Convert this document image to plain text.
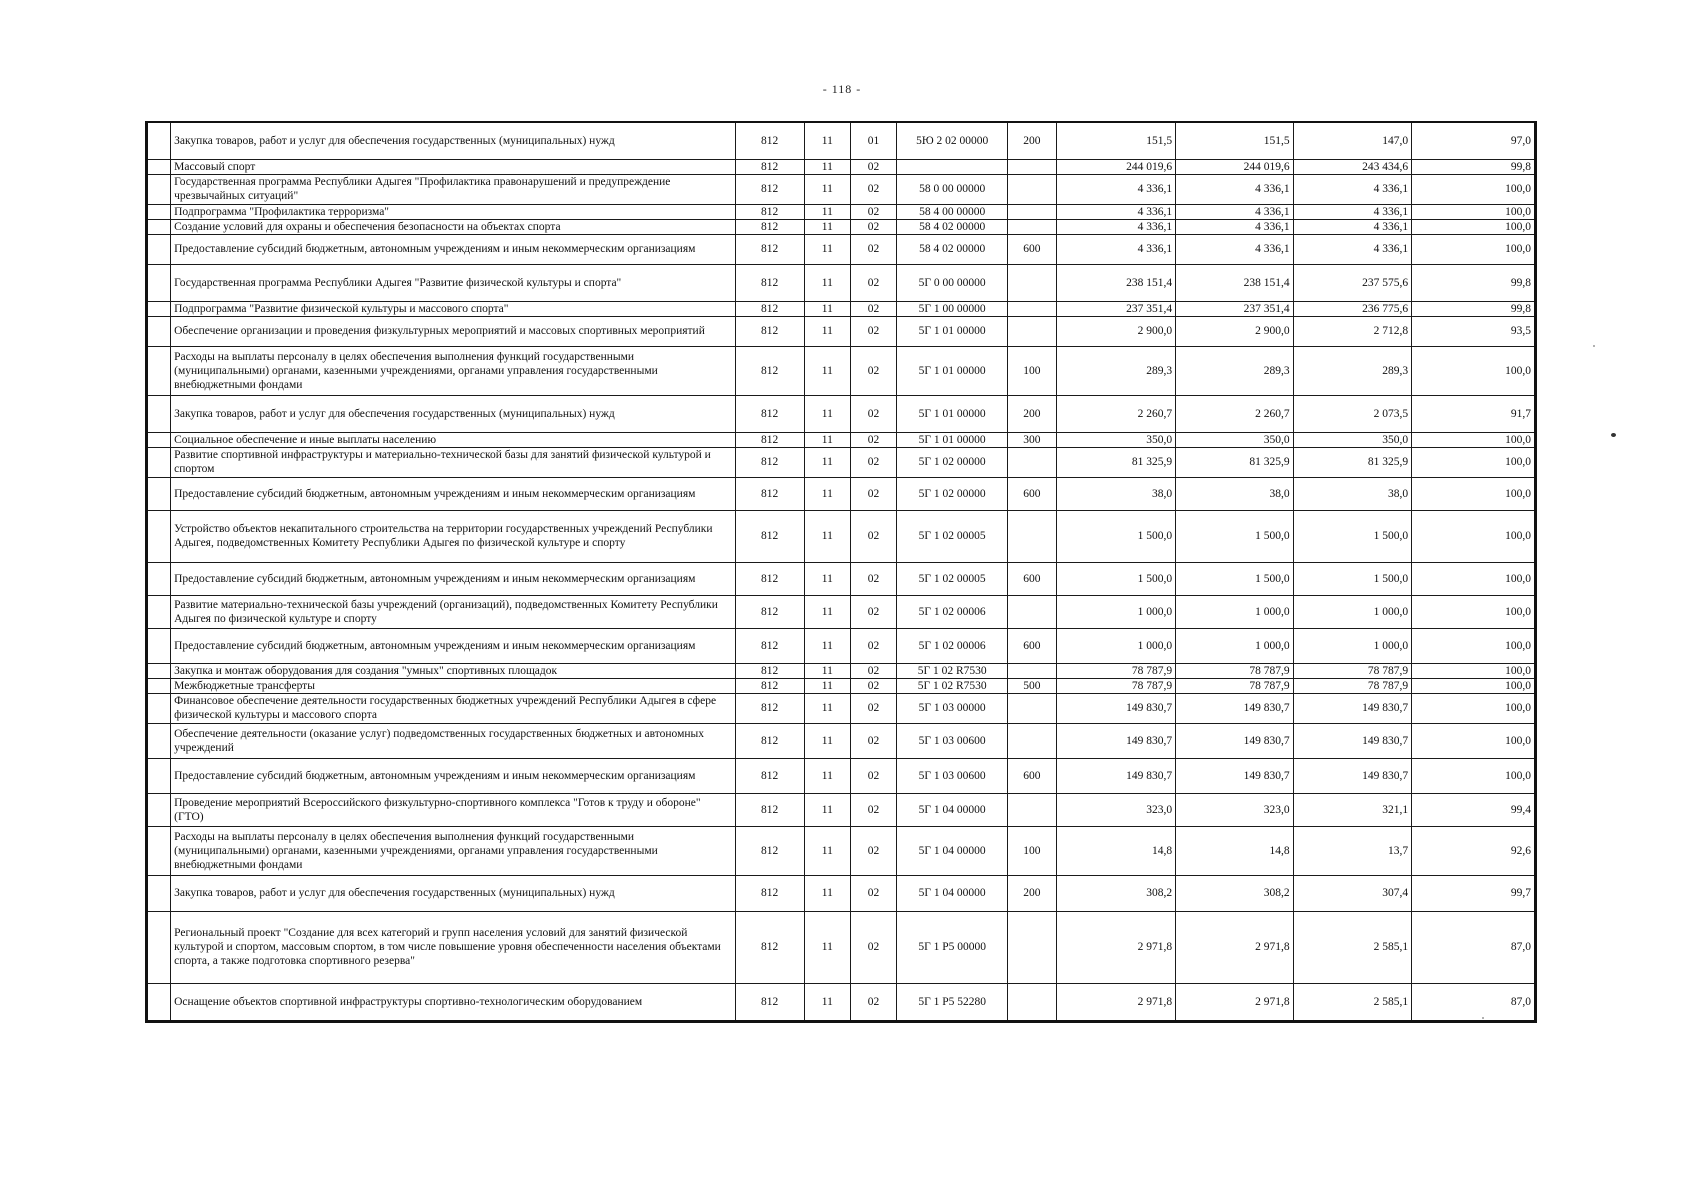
- 118 -
	Закупка товаров, работ и услуг для обеспечения государственных (муниципальных) нужд	812	11	01	5Ю 2 02 00000	200	151,5	151,5	147,0	97,0
	Массовый спорт	812	11	02			244 019,6	244 019,6	243 434,6	99,8
	Государственная программа Республики Адыгея "Профилактика правонарушений и предупреждение чрезвычайных ситуаций"	812	11	02	58 0 00 00000		4 336,1	4 336,1	4 336,1	100,0
	Подпрограмма "Профилактика терроризма"	812	11	02	58 4 00 00000		4 336,1	4 336,1	4 336,1	100,0
	Создание условий для охраны и обеспечения безопасности на объектах спорта	812	11	02	58 4 02 00000		4 336,1	4 336,1	4 336,1	100,0
	Предоставление субсидий бюджетным, автономным учреждениям и иным некоммерческим организациям	812	11	02	58 4 02 00000	600	4 336,1	4 336,1	4 336,1	100,0
	Государственная программа Республики Адыгея "Развитие физической культуры и спорта"	812	11	02	5Г 0 00 00000		238 151,4	238 151,4	237 575,6	99,8
	Подпрограмма "Развитие физической культуры и массового спорта"	812	11	02	5Г 1 00 00000		237 351,4	237 351,4	236 775,6	99,8
	Обеспечение организации и проведения физкультурных мероприятий и массовых спортивных мероприятий	812	11	02	5Г 1 01 00000		2 900,0	2 900,0	2 712,8	93,5
	Расходы на выплаты персоналу в целях обеспечения выполнения функций государственными (муниципальными) органами, казенными учреждениями, органами управления государственными внебюджетными фондами	812	11	02	5Г 1 01 00000	100	289,3	289,3	289,3	100,0
	Закупка товаров, работ и услуг для обеспечения государственных (муниципальных) нужд	812	11	02	5Г 1 01 00000	200	2 260,7	2 260,7	2 073,5	91,7
	Социальное обеспечение и иные выплаты населению	812	11	02	5Г 1 01 00000	300	350,0	350,0	350,0	100,0
	Развитие спортивной инфраструктуры и материально-технической базы для занятий физической культурой и спортом	812	11	02	5Г 1 02 00000		81 325,9	81 325,9	81 325,9	100,0
	Предоставление субсидий бюджетным, автономным учреждениям и иным некоммерческим организациям	812	11	02	5Г 1 02 00000	600	38,0	38,0	38,0	100,0
	Устройство объектов некапитального строительства на территории государственных учреждений Республики Адыгея, подведомственных Комитету Республики Адыгея по физической культуре и спорту	812	11	02	5Г 1 02 00005		1 500,0	1 500,0	1 500,0	100,0
	Предоставление субсидий бюджетным, автономным учреждениям и иным некоммерческим организациям	812	11	02	5Г 1 02 00005	600	1 500,0	1 500,0	1 500,0	100,0
	Развитие материально-технической базы учреждений (организаций), подведомственных Комитету Республики Адыгея по физической культуре и спорту	812	11	02	5Г 1 02 00006		1 000,0	1 000,0	1 000,0	100,0
	Предоставление субсидий бюджетным, автономным учреждениям и иным некоммерческим организациям	812	11	02	5Г 1 02 00006	600	1 000,0	1 000,0	1 000,0	100,0
	Закупка и монтаж оборудования для создания "умных" спортивных площадок	812	11	02	5Г 1 02 R7530		78 787,9	78 787,9	78 787,9	100,0
	Межбюджетные трансферты	812	11	02	5Г 1 02 R7530	500	78 787,9	78 787,9	78 787,9	100,0
	Финансовое обеспечение деятельности государственных бюджетных учреждений Республики Адыгея в сфере физической культуры и массового спорта	812	11	02	5Г 1 03 00000		149 830,7	149 830,7	149 830,7	100,0
	Обеспечение деятельности (оказание услуг) подведомственных государственных бюджетных и автономных учреждений	812	11	02	5Г 1 03 00600		149 830,7	149 830,7	149 830,7	100,0
	Предоставление субсидий бюджетным, автономным учреждениям и иным некоммерческим организациям	812	11	02	5Г 1 03 00600	600	149 830,7	149 830,7	149 830,7	100,0
	Проведение мероприятий Всероссийского физкультурно-спортивного комплекса "Готов к труду и обороне" (ГТО)	812	11	02	5Г 1 04 00000		323,0	323,0	321,1	99,4
	Расходы на выплаты персоналу в целях обеспечения выполнения функций государственными (муниципальными) органами, казенными учреждениями, органами управления государственными внебюджетными фондами	812	11	02	5Г 1 04 00000	100	14,8	14,8	13,7	92,6
	Закупка товаров, работ и услуг для обеспечения государственных (муниципальных) нужд	812	11	02	5Г 1 04 00000	200	308,2	308,2	307,4	99,7
	Региональный проект "Создание для всех категорий и групп населения условий для занятий физической культурой и спортом, массовым спортом, в том числе повышение уровня обеспеченности населения объектами спорта, а также подготовка спортивного резерва"	812	11	02	5Г 1 Р5 00000		2 971,8	2 971,8	2 585,1	87,0
	Оснащение объектов спортивной инфраструктуры спортивно-технологическим оборудованием	812	11	02	5Г 1 Р5 52280		2 971,8	2 971,8	2 585,1	87,0
